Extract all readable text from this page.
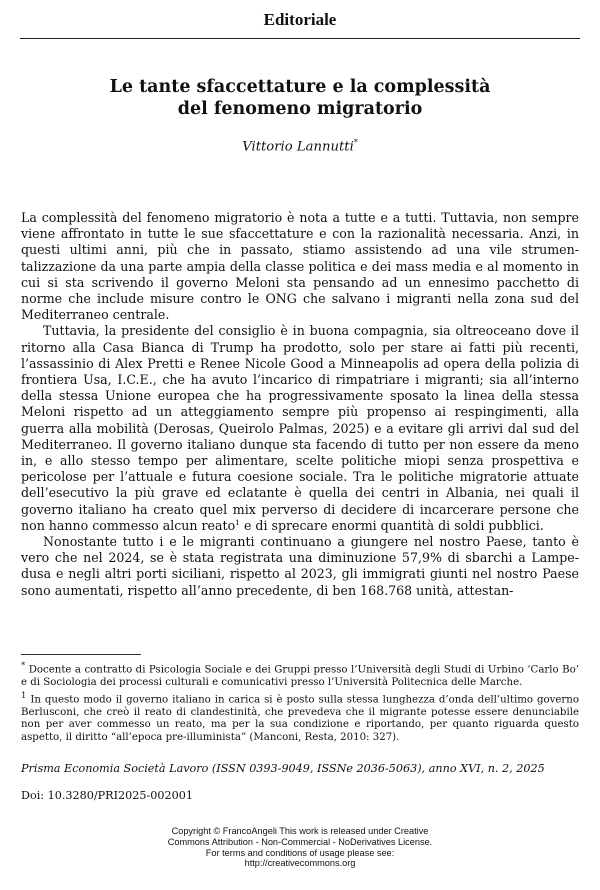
Editoriale
Le tante sfaccettature e la complessità
del fenomeno migratorio
Vittorio Lannutti*

La complessità del fenomeno migratorio è nota a tutte e a tutti. Tuttavia, non sempre viene affrontato in tutte le sue sfaccettature e con la razionalità necessaria. Anzi, in questi ultimi anni, più che in passato, stiamo assistendo ad una vile strumentalizzazione da una parte ampia della classe politica e dei mass media e al momento in cui si sta scrivendo il governo Meloni sta pensando ad un ennesimo pacchetto di norme che include misure contro le ONG che salvano i migranti nella zona sud del Mediterraneo centrale.

Tuttavia, la presidente del consiglio è in buona compagnia, sia oltreoceano dove il ritorno alla Casa Bianca di Trump ha prodotto, solo per stare ai fatti più recenti, l’assassinio di Alex Pretti e Renee Nicole Good a Minneapolis ad opera della polizia di frontiera Usa, I.C.E., che ha avuto l’incarico di rimpatriare i migranti; sia all’interno della stessa Unione europea che ha progressivamente sposato la linea della stessa Meloni rispetto ad un atteggiamento sempre più propenso ai respingimenti, alla guerra alla mobilità (Derosas, Queirolo Palmas, 2025) e a evitare gli arrivi dal sud del Mediterraneo. Il governo italiano dunque sta facendo di tutto per non essere da meno in, e allo stesso tempo per alimentare, scelte politiche miopi senza prospettiva e pericolose per l’attuale e futura coesione sociale. Tra le politiche migratorie attuate dell’esecutivo la più grave ed eclatante è quella dei centri in Albania, nei quali il governo italiano ha creato quel mix perverso di decidere di incarcerare persone che non hanno commesso alcun reato$^1$ e di sprecare enormi quantità di soldi pubblici.

Nonostante tutto i e le migranti continuano a giungere nel nostro Paese, tanto è vero che nel 2024, se è stata registrata una diminuzione 57,9% di sbarchi a Lampedusa e negli altri porti siciliani, rispetto al 2023, gli immigrati giunti nel nostro Paese sono aumentati, rispetto all’anno precedente, di ben 168.768 unità, attestan-

* Docente a contratto di Psicologia Sociale e dei Gruppi presso l’Università degli Studi di Urbino ‘Carlo Bo’ e di Sociologia dei processi culturali e comunicativi presso l’Università Politecnica delle Marche.

$^1$ In questo modo il governo italiano in carica si è posto sulla stessa lunghezza d’onda dell’ultimo governo Berlusconi, che creò il reato di clandestinità, che prevedeva che il migrante potesse essere denunciabile non per aver commesso un reato, ma per la sua condizione e riportando, per quanto riguarda questo aspetto, il diritto “all’epoca pre-illuminista” (Manconi, Resta, 2010: 327).

Prisma Economia Società Lavoro (ISSN 0393-9049, ISSNe 2036-5063), anno XVI, n. 2, 2025
Doi: 10.3280/PRI2025-002001
Copyright © FrancoAngeli This work is released under Creative
Commons Attribution - Non-Commercial - NoDerivatives License.
For terms and conditions of usage please see:
http://creativecommons.org
